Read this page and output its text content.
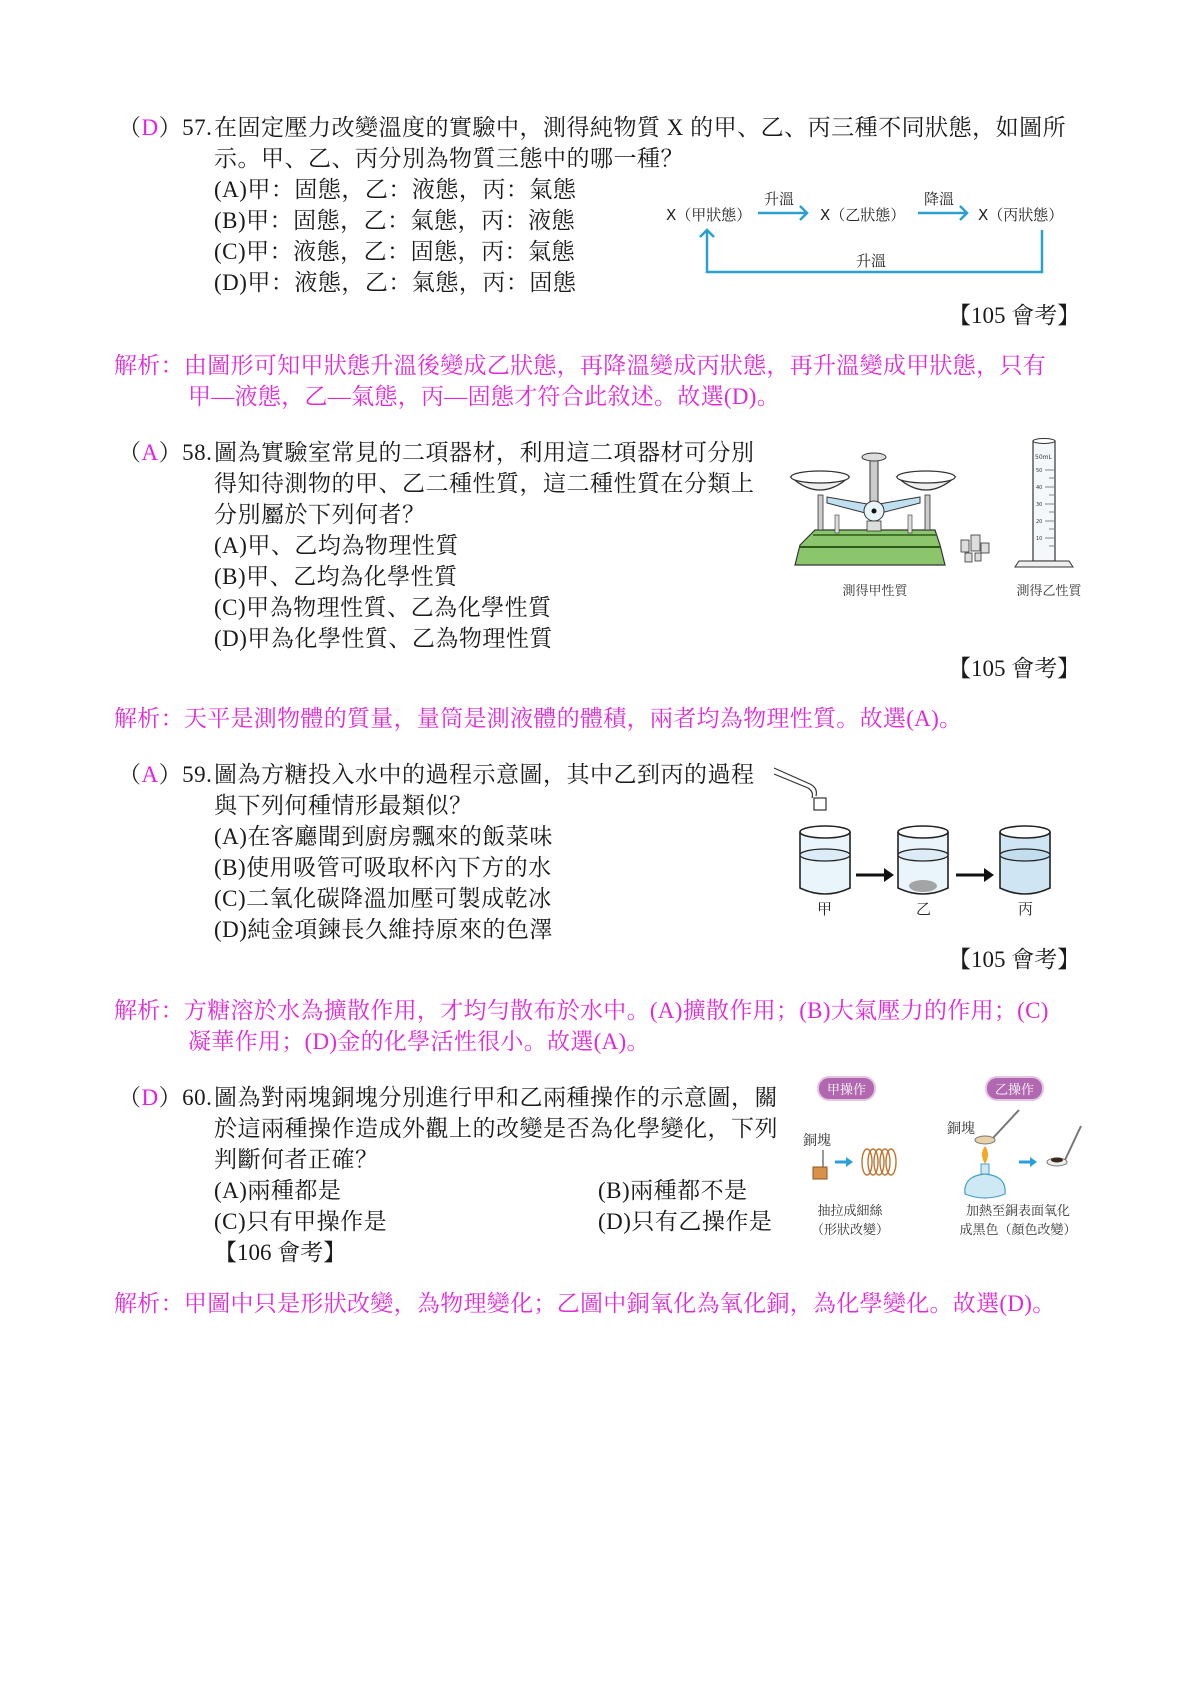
（D）57. 在固定壓力改變溫度的實驗中，測得純物質 X 的甲、乙、丙三種不同狀態，如圖所
示。甲、乙、丙分別為物質三態中的哪一種？
(A)甲：固態，乙：液態，丙：氣態
(B)甲：固態，乙：氣態，丙：液態
(C)甲：液態，乙：固態，丙：氣態
(D)甲：液態，乙：氣態，丙：固態
X（甲狀態）
升溫
X（乙狀態）
降溫
X（丙狀態）
升溫
【105 會考】
解析：由圖形可知甲狀態升溫後變成乙狀態，再降溫變成丙狀態，再升溫變成甲狀態，只有
甲—液態，乙—氣態，丙—固態才符合此敘述。故選(D)。
（A）58. 圖為實驗室常見的二項器材，利用這二項器材可分別
得知待測物的甲、乙二種性質，這二種性質在分類上
分別屬於下列何者？
(A)甲、乙均為物理性質
(B)甲、乙均為化學性質
(C)甲為物理性質、乙為化學性質
(D)甲為化學性質、乙為物理性質
50mL
50
40
30
20
10
測得甲性質	測得乙性質
【105 會考】
解析：天平是測物體的質量，量筒是測液體的體積，兩者均為物理性質。故選(A)。
（A）59. 圖為方糖投入水中的過程示意圖，其中乙到丙的過程
與下列何種情形最類似？
(A)在客廳聞到廚房飄來的飯菜味
(B)使用吸管可吸取杯內下方的水
(C)二氧化碳降溫加壓可製成乾冰
(D)純金項鍊長久維持原來的色澤
甲	乙	丙
【105 會考】
解析：方糖溶於水為擴散作用，才均勻散布於水中。(A)擴散作用；(B)大氣壓力的作用；(C)
凝華作用；(D)金的化學活性很小。故選(A)。
（D）60. 圖為對兩塊銅塊分別進行甲和乙兩種操作的示意圖，關
於這兩種操作造成外觀上的改變是否為化學變化，下列
判斷何者正確？
(A)兩種都是	(B)兩種都不是
(C)只有甲操作是	(D)只有乙操作是
【106 會考】
甲操作	乙操作
銅塊
銅塊
抽拉成細絲
（形狀改變）
加熱至銅表面氧化
成黑色（顏色改變）
解析：甲圖中只是形狀改變，為物理變化；乙圖中銅氧化為氧化銅，為化學變化。故選(D)。
